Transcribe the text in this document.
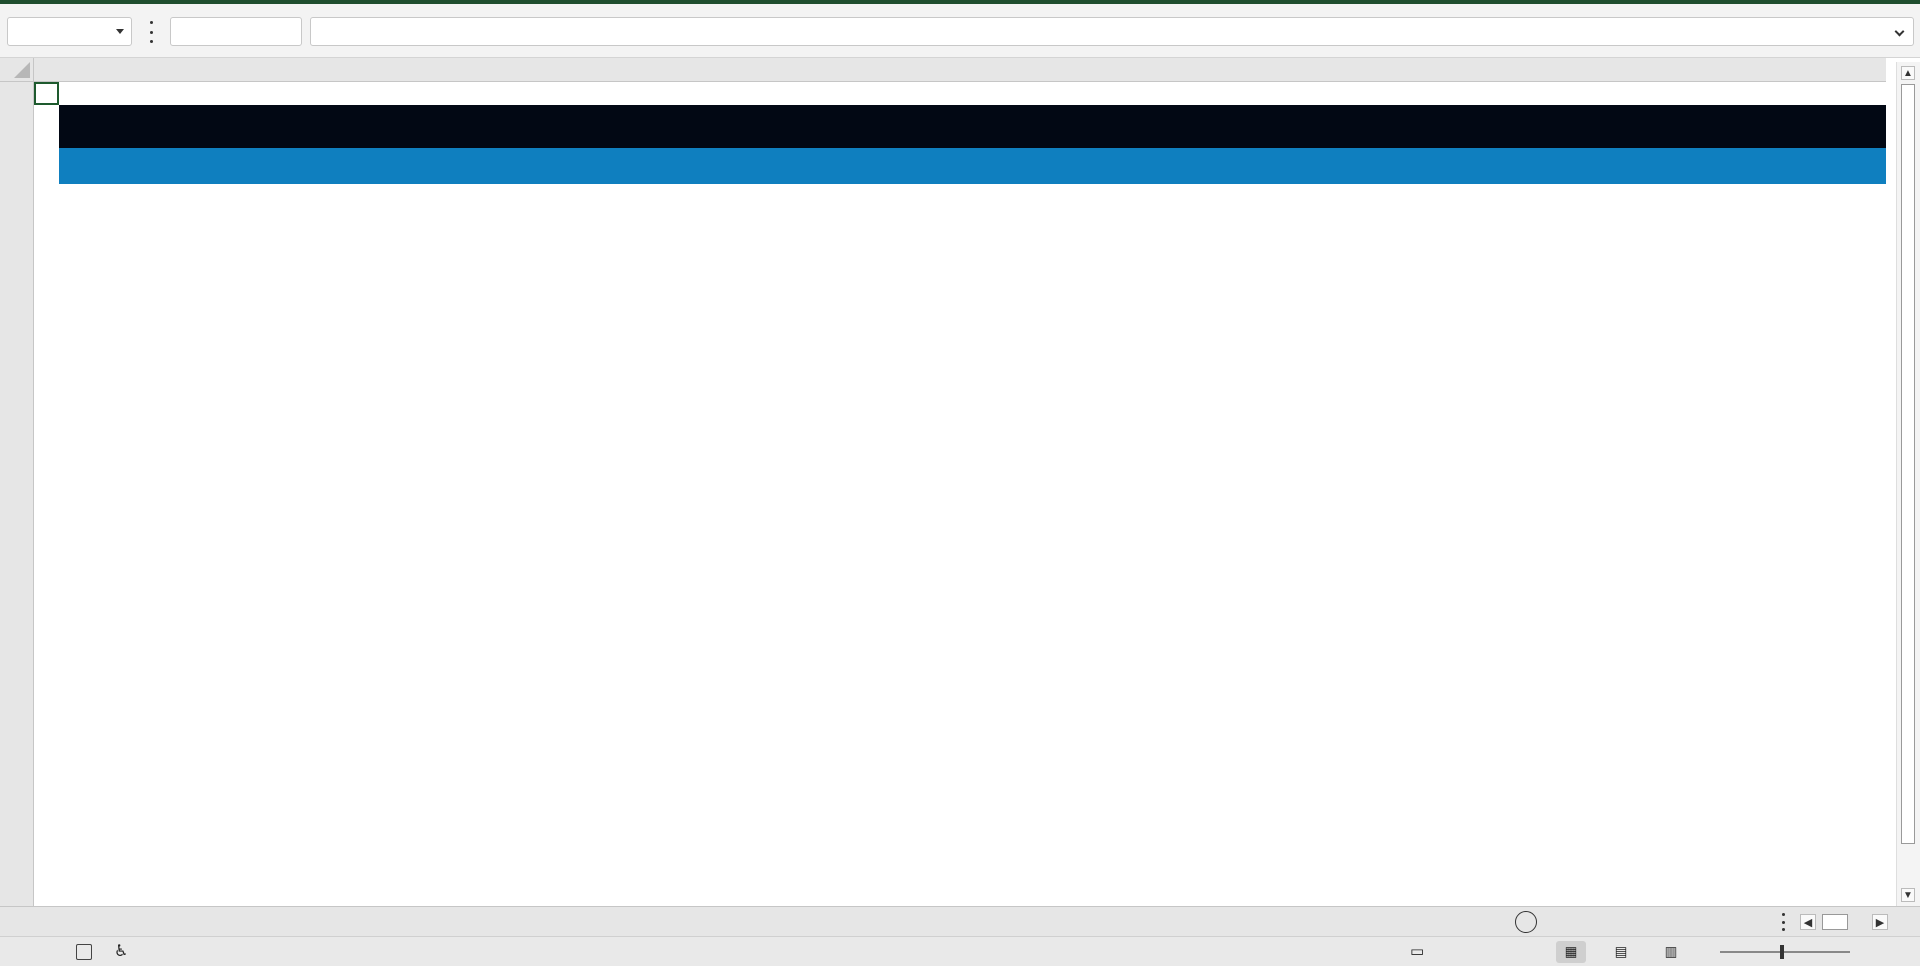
▲
▼
◀	▶
♿	▭	▦	▤	▥
